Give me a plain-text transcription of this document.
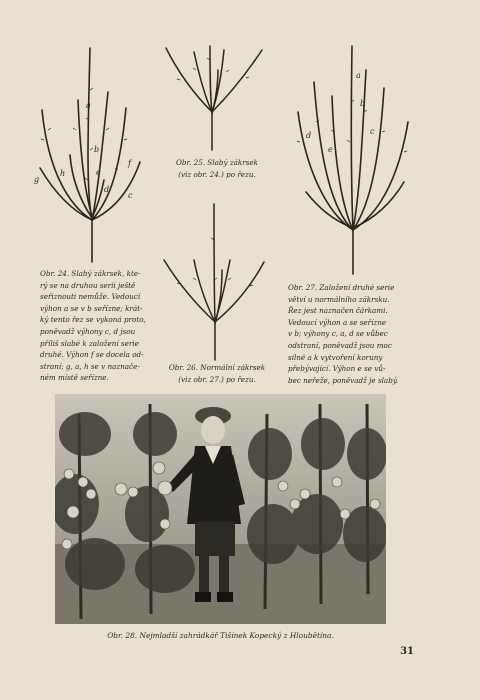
a
b
c
d
e
f
g
h
a
b
c
d
e
Obr. 25. Slabý zákrsek
(viz obr. 24.) po řezu.
Obr. 24. Slabý zákrsek, kte-
rý se na druhou serii ještě
seřiznouti nemůže. Vedoucí
výhon a se v b seřízne; krát-
ký tento řez se vykoná proto,
poněvadž výhony c, d jsou
příliš slabé k založení serie
druhé. Výhon f se docela od-
straní; g, a, h se v naznače-
ném místě seřízne.
Obr. 26. Normální zákrsek
(viz obr. 27.) po řezu.
Obr. 27. Založení druhé serie
větví u normálního zákrsku.
Řez jest naznačen čárkami.
Vedoucí výhon a se seřízne
v b; výhony c, a, d se vůbec
odstraní, poněvadž jsou moc
silné a k vytvoření koruny
přebývající. Výhon e se vů-
bec neřeže, poněvadž je slabý.
Obr. 28. Nejmladší zahrádkář Tišínek Kopecký z Hloubětína.
31
